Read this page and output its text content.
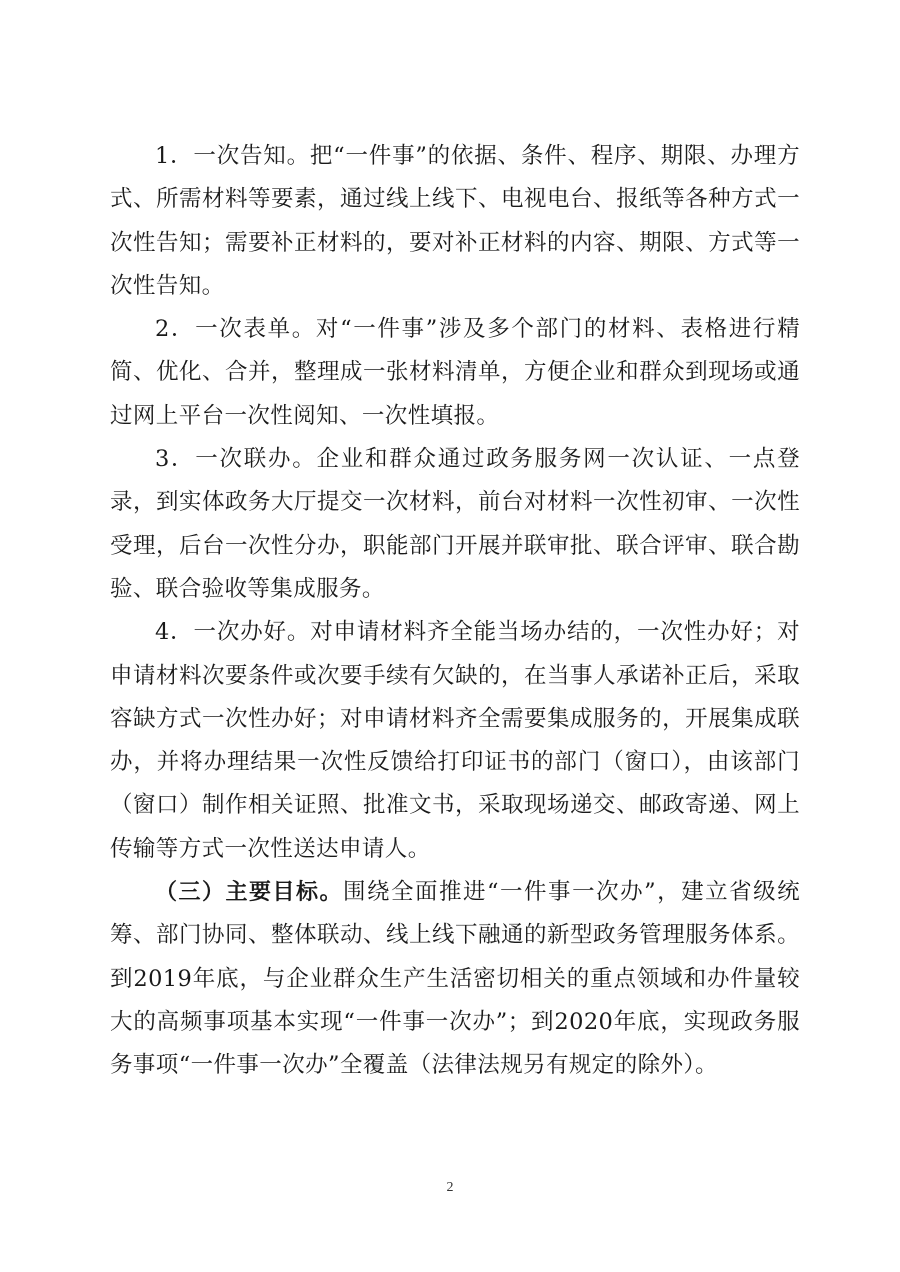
1．一次告知。把“一件事”的依据、条件、程序、期限、办理方式、所需材料等要素，通过线上线下、电视电台、报纸等各种方式一次性告知；需要补正材料的，要对补正材料的内容、期限、方式等一次性告知。

2．一次表单。对“一件事”涉及多个部门的材料、表格进行精简、优化、合并，整理成一张材料清单，方便企业和群众到现场或通过网上平台一次性阅知、一次性填报。

3．一次联办。企业和群众通过政务服务网一次认证、一点登录，到实体政务大厅提交一次材料，前台对材料一次性初审、一次性受理，后台一次性分办，职能部门开展并联审批、联合评审、联合勘验、联合验收等集成服务。

4．一次办好。对申请材料齐全能当场办结的，一次性办好；对申请材料次要条件或次要手续有欠缺的，在当事人承诺补正后，采取容缺方式一次性办好；对申请材料齐全需要集成服务的，开展集成联办，并将办理结果一次性反馈给打印证书的部门（窗口），由该部门（窗口）制作相关证照、批准文书，采取现场递交、邮政寄递、网上传输等方式一次性送达申请人。

（三）主要目标。围绕全面推进“一件事一次办”，建立省级统筹、部门协同、整体联动、线上线下融通的新型政务管理服务体系。到2019年底，与企业群众生产生活密切相关的重点领域和办件量较大的高频事项基本实现“一件事一次办”；到2020年底，实现政务服务事项“一件事一次办”全覆盖（法律法规另有规定的除外）。

2
